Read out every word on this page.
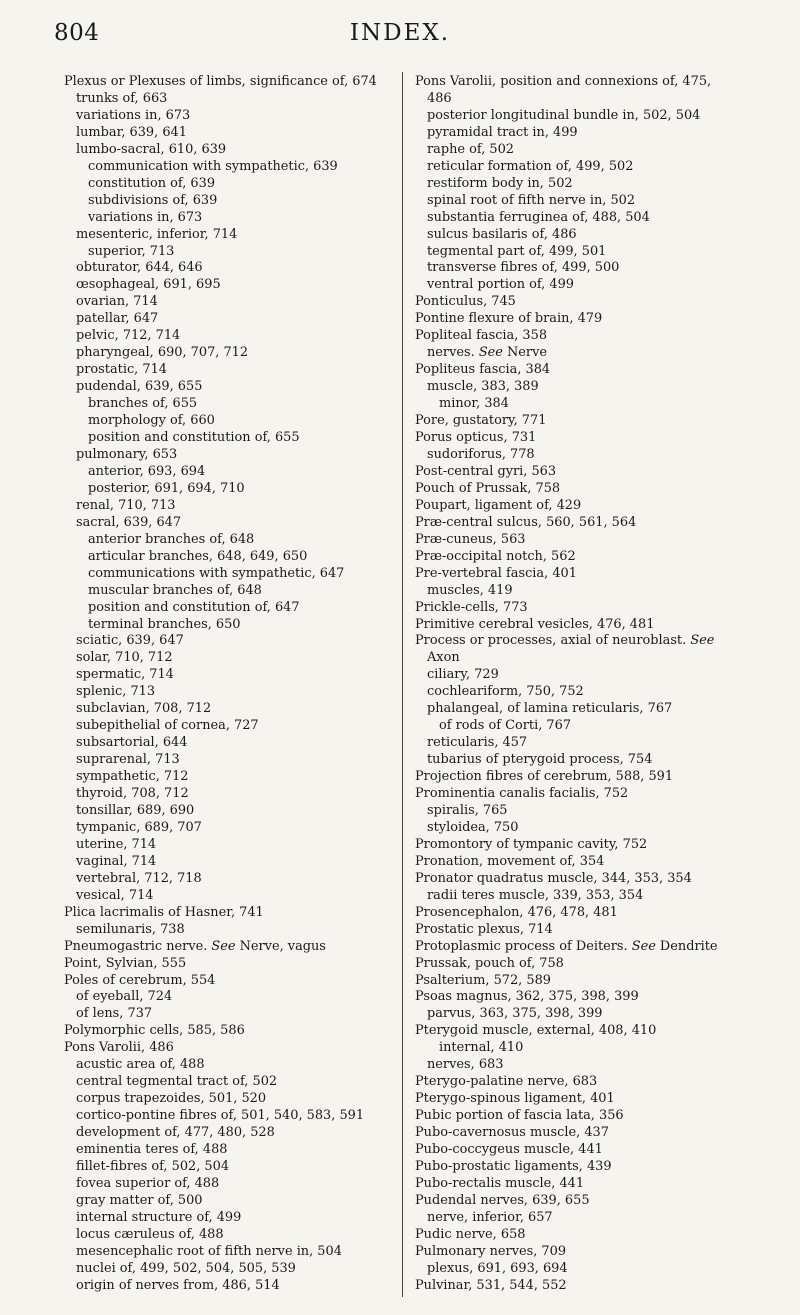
INDEX.
804
Plexus or Plexuses of limbs, significance of, 674
trunks of, 663
variations in, 673
lumbar, 639, 641
lumbo-sacral, 610, 639
communication with sympathetic, 639
constitution of, 639
subdivisions of, 639
variations in, 673
mesenteric, inferior, 714
superior, 713
obturator, 644, 646
œsophageal, 691, 695
ovarian, 714
patellar, 647
pelvic, 712, 714
pharyngeal, 690, 707, 712
prostatic, 714
pudendal, 639, 655
branches of, 655
morphology of, 660
position and constitution of, 655
pulmonary, 653
anterior, 693, 694
posterior, 691, 694, 710
renal, 710, 713
sacral, 639, 647
anterior branches of, 648
articular branches, 648, 649, 650
communications with sympathetic, 647
muscular branches of, 648
position and constitution of, 647
terminal branches, 650
sciatic, 639, 647
solar, 710, 712
spermatic, 714
splenic, 713
subclavian, 708, 712
subepithelial of cornea, 727
subsartorial, 644
suprarenal, 713
sympathetic, 712
thyroid, 708, 712
tonsillar, 689, 690
tympanic, 689, 707
uterine, 714
vaginal, 714
vertebral, 712, 718
vesical, 714
Plica lacrimalis of Hasner, 741
semilunaris, 738
Pneumogastric nerve. See Nerve, vagus
Point, Sylvian, 555
Poles of cerebrum, 554
of eyeball, 724
of lens, 737
Polymorphic cells, 585, 586
Pons Varolii, 486
acustic area of, 488
central tegmental tract of, 502
corpus trapezoides, 501, 520
cortico-pontine fibres of, 501, 540, 583, 591
development of, 477, 480, 528
eminentia teres of, 488
fillet-fibres of, 502, 504
fovea superior of, 488
gray matter of, 500
internal structure of, 499
locus cæruleus of, 488
mesencephalic root of fifth nerve in, 504
nuclei of, 499, 502, 504, 505, 539
origin of nerves from, 486, 514
Pons Varolii, position and connexions of, 475,
486
posterior longitudinal bundle in, 502, 504
pyramidal tract in, 499
raphe of, 502
reticular formation of, 499, 502
restiform body in, 502
spinal root of fifth nerve in, 502
substantia ferruginea of, 488, 504
sulcus basilaris of, 486
tegmental part of, 499, 501
transverse fibres of, 499, 500
ventral portion of, 499
Ponticulus, 745
Pontine flexure of brain, 479
Popliteal fascia, 358
nerves. See Nerve
Popliteus fascia, 384
muscle, 383, 389
minor, 384
Pore, gustatory, 771
Porus opticus, 731
sudoriforus, 778
Post-central gyri, 563
Pouch of Prussak, 758
Poupart, ligament of, 429
Præ-central sulcus, 560, 561, 564
Præ-cuneus, 563
Præ-occipital notch, 562
Pre-vertebral fascia, 401
muscles, 419
Prickle-cells, 773
Primitive cerebral vesicles, 476, 481
Process or processes, axial of neuroblast. See
Axon
ciliary, 729
cochleariform, 750, 752
phalangeal, of lamina reticularis, 767
of rods of Corti, 767
reticularis, 457
tubarius of pterygoid process, 754
Projection fibres of cerebrum, 588, 591
Prominentia canalis facialis, 752
spiralis, 765
styloidea, 750
Promontory of tympanic cavity, 752
Pronation, movement of, 354
Pronator quadratus muscle, 344, 353, 354
radii teres muscle, 339, 353, 354
Prosencephalon, 476, 478, 481
Prostatic plexus, 714
Protoplasmic process of Deiters. See Dendrite
Prussak, pouch of, 758
Psalterium, 572, 589
Psoas magnus, 362, 375, 398, 399
parvus, 363, 375, 398, 399
Pterygoid muscle, external, 408, 410
internal, 410
nerves, 683
Pterygo-palatine nerve, 683
Pterygo-spinous ligament, 401
Pubic portion of fascia lata, 356
Pubo-cavernosus muscle, 437
Pubo-coccygeus muscle, 441
Pubo-prostatic ligaments, 439
Pubo-rectalis muscle, 441
Pudendal nerves, 639, 655
nerve, inferior, 657
Pudic nerve, 658
Pulmonary nerves, 709
plexus, 691, 693, 694
Pulvinar, 531, 544, 552
